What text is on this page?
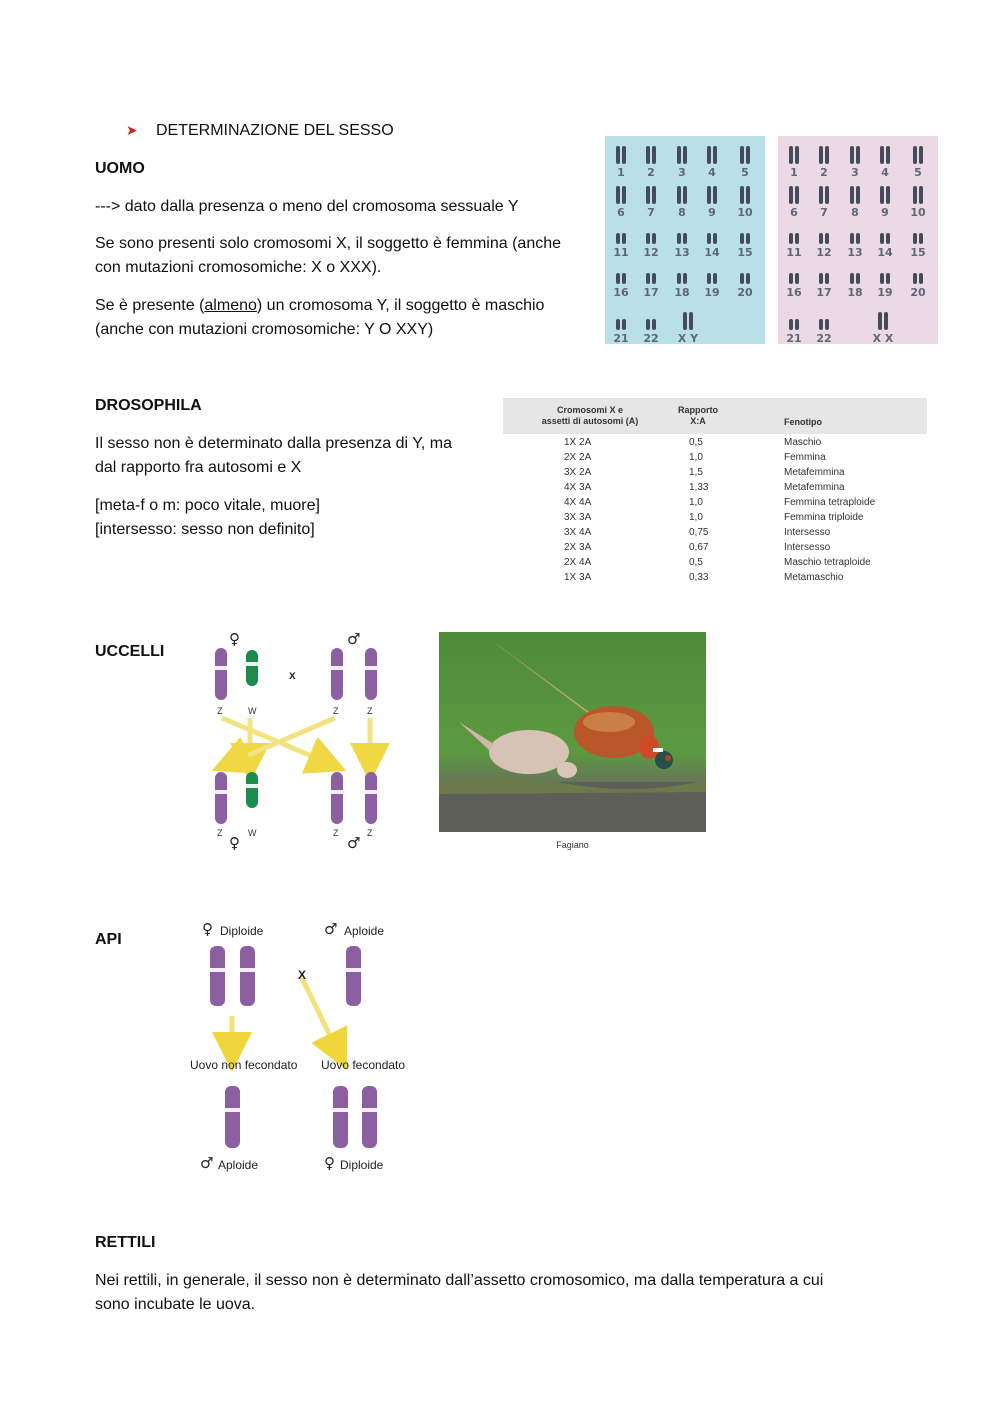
➤ DETERMINAZIONE DEL SESSO
UOMO
---> dato dalla presenza o meno del cromosoma sessuale Y
Se sono presenti solo cromosomi X, il soggetto è femmina (anche
con mutazioni cromosomiche: X o XXX).
Se è presente (almeno) un cromosoma Y, il soggetto è maschio
(anche con mutazioni cromosomiche: Y O XXY)
1	2	3	4	5
6	7	8	9	10
11	12	13	14	15
16	17	18	19	20
21	22	X Y
1	2	3	4	5
6	7	8	9	10
11	12	13	14	15
16	17	18	19	20
21	22	X X
DROSOPHILA
Il sesso non è determinato dalla presenza di Y, ma
dal rapporto fra autosomi e X
[meta-f o m: poco vitale, muore]
[intersesso: sesso non definito]
Cromosomi X e
assetti di autosomi (A)
Rapporto
X:A	Fenotipo
1X 2A	0,5	Maschio
2X 2A	1,0	Femmina
3X 2A	1,5	Metafemmina
4X 3A	1,33	Metafemmina
4X 4A	1,0	Femmina tetraploide
3X 3A	1,0	Femmina triploide
3X 4A	0,75	Intersesso
2X 3A	0,67	Intersesso
2X 4A	0,5	Maschio tetraploide
1X 3A	0,33	Metamaschio
UCCELLI
♀	♂
x
Z	W	Z	Z
Z	W	Z	Z
♀	♂	Fagiano
API
♀ Diploide	♂ Aploide
X
Uovo non fecondato Uovo fecondato
♂ Aploide	♀ Diploide
RETTILI
Nei rettili, in generale, il sesso non è determinato dall’assetto cromosomico, ma dalla temperatura a cui
sono incubate le uova.
